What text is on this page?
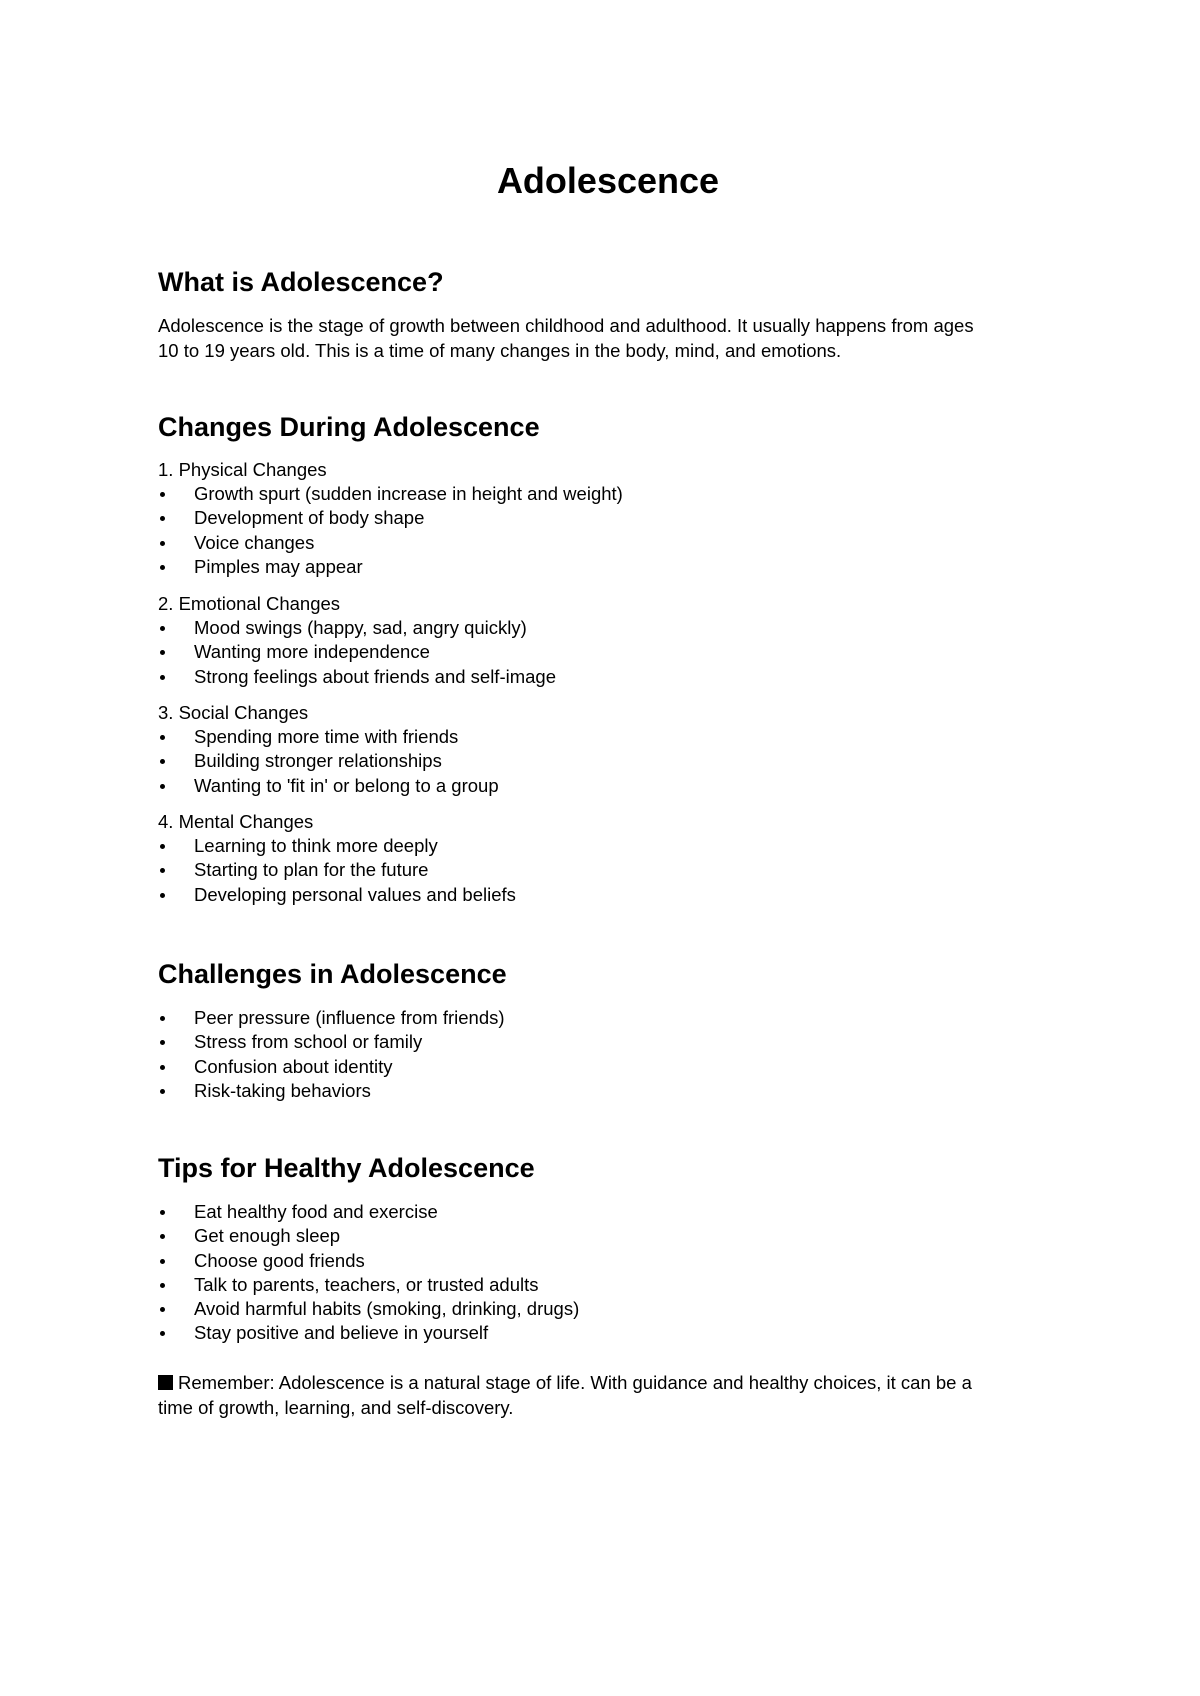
Adolescence
What is Adolescence?

Adolescence is the stage of growth between childhood and adulthood. It usually happens from ages

10 to 19 years old. This is a time of many changes in the body, mind, and emotions.

Changes During Adolescence

1. Physical Changes

Growth spurt (sudden increase in height and weight)
Development of body shape
Voice changes
Pimples may appear

2. Emotional Changes

Mood swings (happy, sad, angry quickly)
Wanting more independence
Strong feelings about friends and self-image

3. Social Changes

Spending more time with friends
Building stronger relationships
Wanting to 'fit in' or belong to a group

4. Mental Changes

Learning to think more deeply
Starting to plan for the future
Developing personal values and beliefs
Challenges in Adolescence
Peer pressure (influence from friends)
Stress from school or family
Confusion about identity
Risk-taking behaviors
Tips for Healthy Adolescence
Eat healthy food and exercise
Get enough sleep
Choose good friends
Talk to parents, teachers, or trusted adults
Avoid harmful habits (smoking, drinking, drugs)
Stay positive and believe in yourself

Remember: Adolescence is a natural stage of life. With guidance and healthy choices, it can be a

time of growth, learning, and self-discovery.
